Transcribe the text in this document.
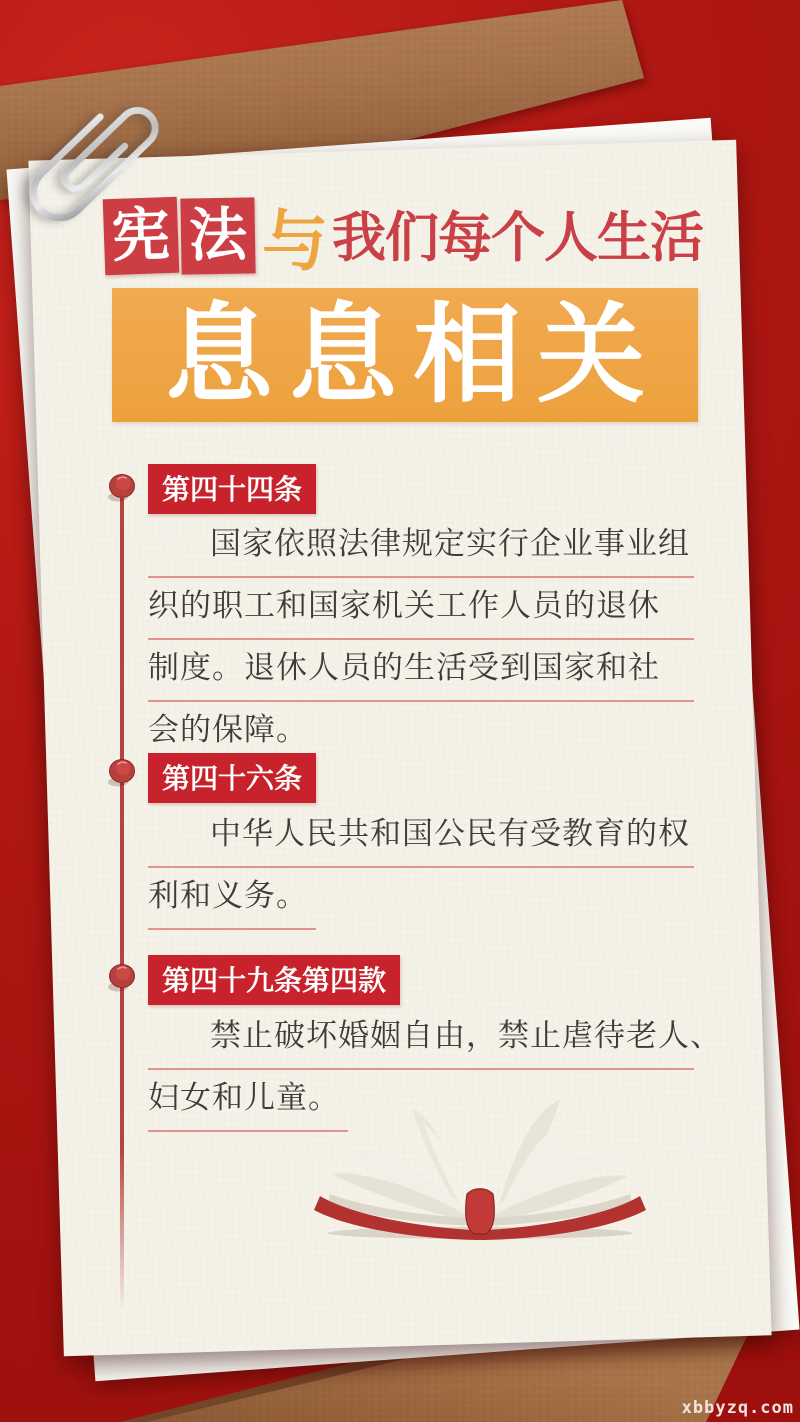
宪 法 与 我们每个人生活
息息相关
第四十四条
国家依照法律规定实行企业事业组
织的职工和国家机关工作人员的退休
制度。退休人员的生活受到国家和社
会的保障。
第四十六条
中华人民共和国公民有受教育的权
利和义务。
第四十九条第四款
禁止破坏婚姻自由，禁止虐待老人、
妇女和儿童。
xbbyzq.com
